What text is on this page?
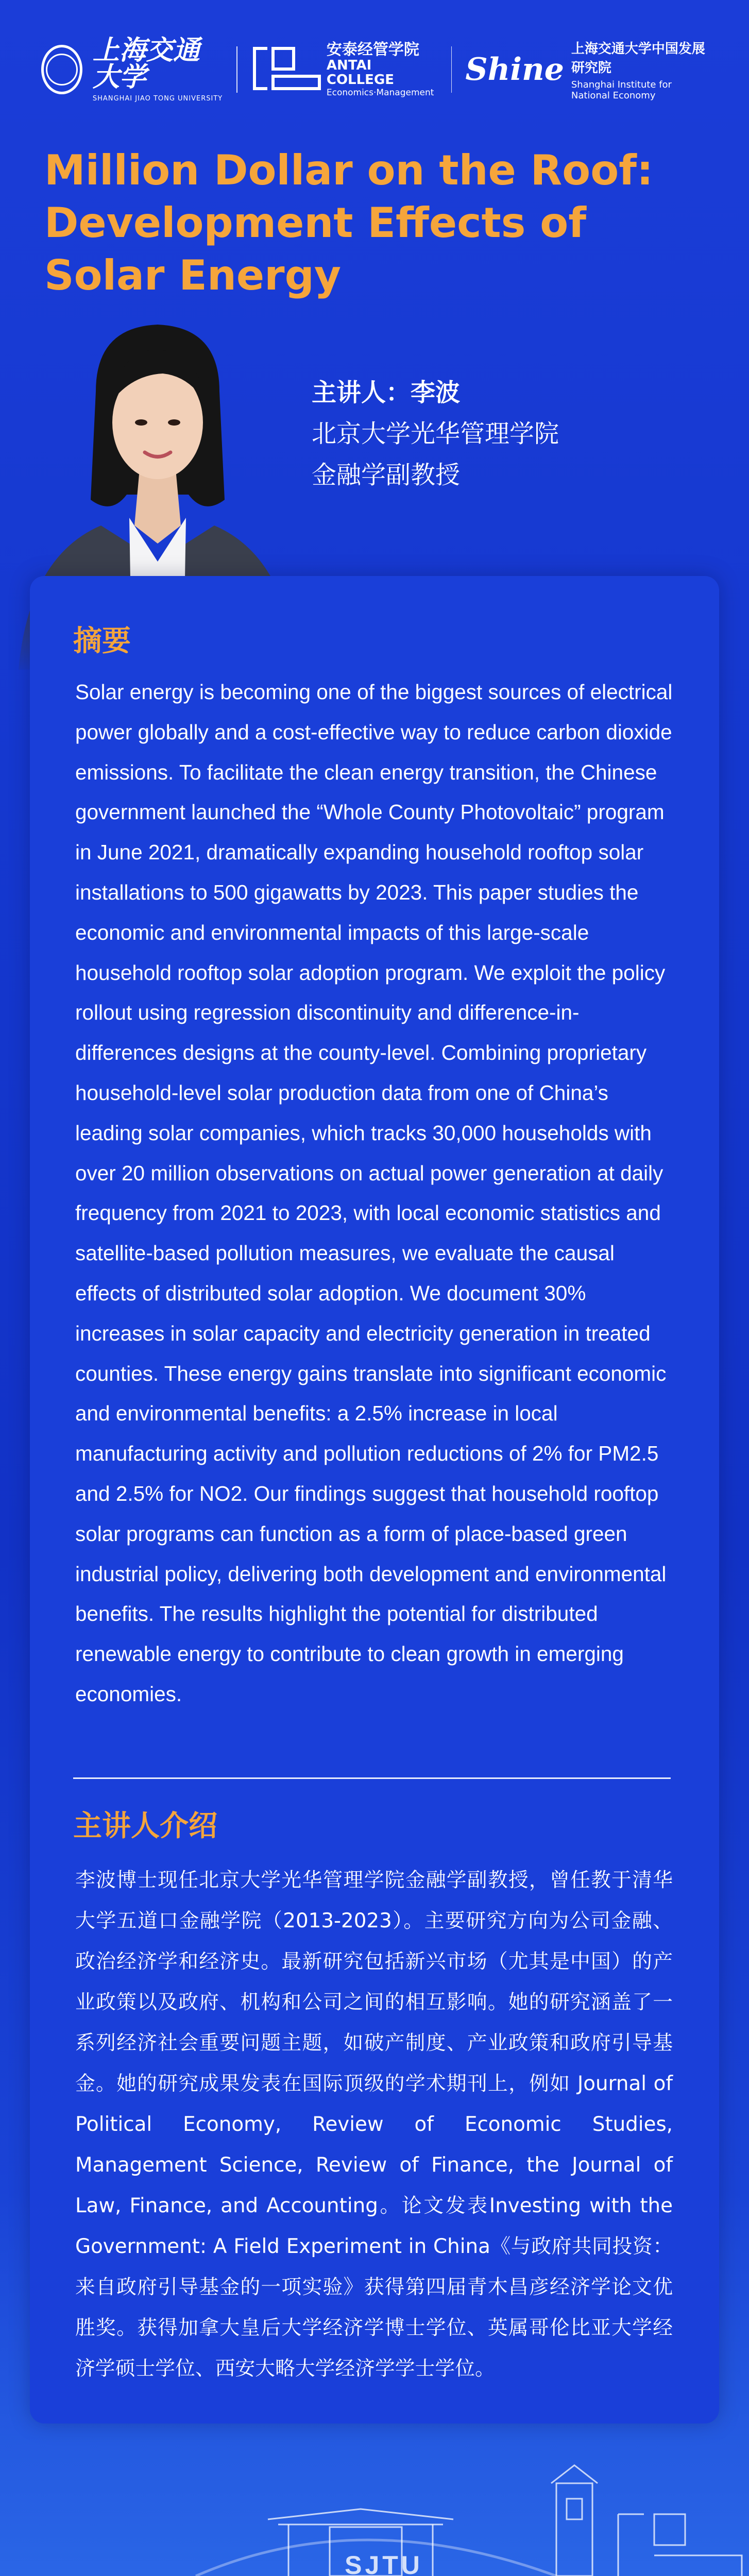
上海交通大学
SHANGHAI JIAO TONG UNIVERSITY
安泰经管学院
ANTAI COLLEGE
Economics·Management
Shine
上海交通大学中国发展研究院
Shanghai Institute for National Economy
Million Dollar on the Roof: Development Effects of Solar Energy
主讲人：李波
北京大学光华管理学院
金融学副教授
摘要

Solar energy is becoming one of the biggest sources of electrical power globally and a cost-effective way to reduce carbon dioxide emissions. To facilitate the clean energy transition, the Chinese government launched the “Whole County Photovoltaic” program in June 2021, dramatically expanding household rooftop solar installations to 500 gigawatts by 2023. This paper studies the economic and environmental impacts of this large-scale household rooftop solar adoption program. We exploit the policy rollout using regression discontinuity and difference-in-differences designs at the county-level. Combining proprietary household-level solar production data from one of China’s leading solar companies, which tracks 30,000 households with over 20 million observations on actual power generation at daily frequency from 2021 to 2023, with local economic statistics and satellite-based pollution measures, we evaluate the causal effects of distributed solar adoption. We document 30% increases in solar capacity and electricity generation in treated counties. These energy gains translate into significant economic and environmental benefits: a 2.5% increase in local manufacturing activity and pollution reductions of 2% for PM2.5 and 2.5% for NO2. Our findings suggest that household rooftop solar programs can function as a form of place-based green industrial policy, delivering both development and environmental benefits. The results highlight the potential for distributed renewable energy to contribute to clean growth in emerging economies.

主讲人介绍

李波博士现任北京大学光华管理学院金融学副教授，曾任教于清华大学五道口金融学院（2013-2023）。主要研究方向为公司金融、政治经济学和经济史。最新研究包括新兴市场（尤其是中国）的产业政策以及政府、机构和公司之间的相互影响。她的研究涵盖了一系列经济社会重要问题主题，如破产制度、产业政策和政府引导基金。她的研究成果发表在国际顶级的学术期刊上，例如 Journal of Political Economy, Review of Economic Studies, Management Science, Review of Finance, the Journal of Law, Finance, and Accounting。论文发表Investing with the Government: A Field Experiment in China《与政府共同投资：来自政府引导基金的一项实验》获得第四届青木昌彦经济学论文优胜奖。获得加拿大皇后大学经济学博士学位、英属哥伦比亚大学经济学硕士学位、西安大略大学经济学学士学位。

SJTU
